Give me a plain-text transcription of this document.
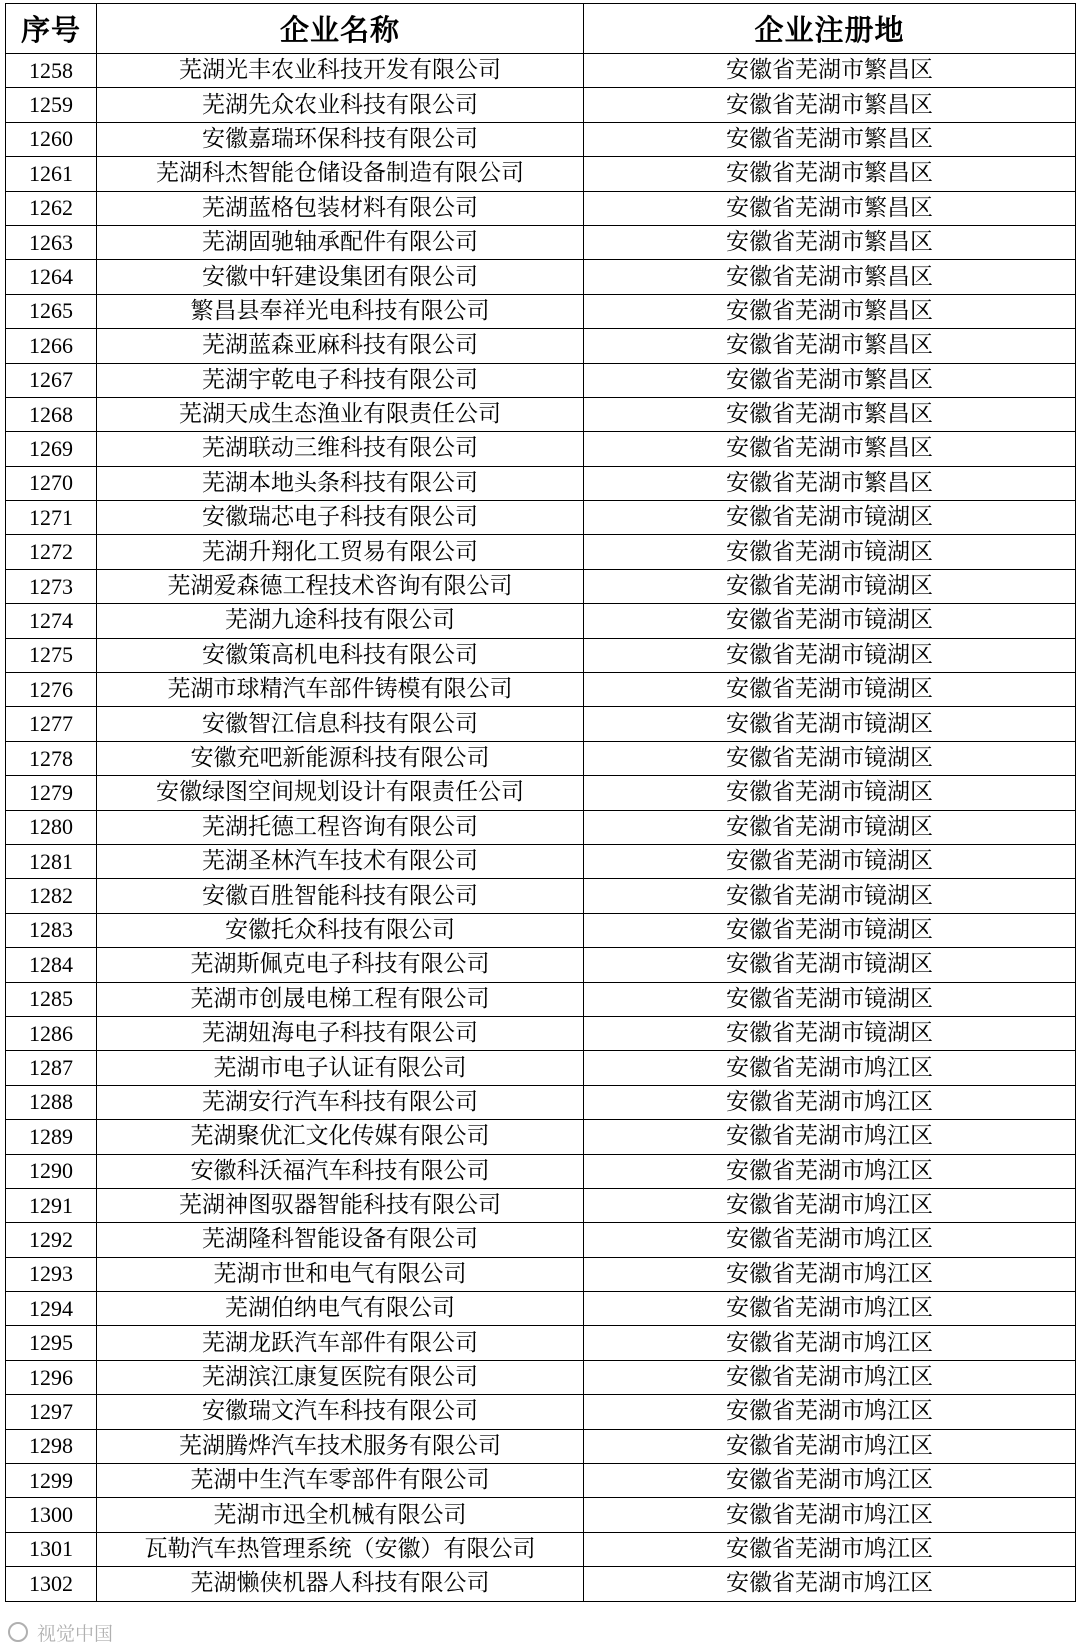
序号	企业名称	企业注册地
1258	芜湖光丰农业科技开发有限公司	安徽省芜湖市繁昌区
1259	芜湖先众农业科技有限公司	安徽省芜湖市繁昌区
1260	安徽嘉瑞环保科技有限公司	安徽省芜湖市繁昌区
1261	芜湖科杰智能仓储设备制造有限公司	安徽省芜湖市繁昌区
1262	芜湖蓝格包装材料有限公司	安徽省芜湖市繁昌区
1263	芜湖固驰轴承配件有限公司	安徽省芜湖市繁昌区
1264	安徽中轩建设集团有限公司	安徽省芜湖市繁昌区
1265	繁昌县奉祥光电科技有限公司	安徽省芜湖市繁昌区
1266	芜湖蓝森亚麻科技有限公司	安徽省芜湖市繁昌区
1267	芜湖宇乾电子科技有限公司	安徽省芜湖市繁昌区
1268	芜湖天成生态渔业有限责任公司	安徽省芜湖市繁昌区
1269	芜湖联动三维科技有限公司	安徽省芜湖市繁昌区
1270	芜湖本地头条科技有限公司	安徽省芜湖市繁昌区
1271	安徽瑞芯电子科技有限公司	安徽省芜湖市镜湖区
1272	芜湖升翔化工贸易有限公司	安徽省芜湖市镜湖区
1273	芜湖爱森德工程技术咨询有限公司	安徽省芜湖市镜湖区
1274	芜湖九途科技有限公司	安徽省芜湖市镜湖区
1275	安徽策高机电科技有限公司	安徽省芜湖市镜湖区
1276	芜湖市球精汽车部件铸模有限公司	安徽省芜湖市镜湖区
1277	安徽智江信息科技有限公司	安徽省芜湖市镜湖区
1278	安徽充吧新能源科技有限公司	安徽省芜湖市镜湖区
1279	安徽绿图空间规划设计有限责任公司	安徽省芜湖市镜湖区
1280	芜湖托德工程咨询有限公司	安徽省芜湖市镜湖区
1281	芜湖圣林汽车技术有限公司	安徽省芜湖市镜湖区
1282	安徽百胜智能科技有限公司	安徽省芜湖市镜湖区
1283	安徽托众科技有限公司	安徽省芜湖市镜湖区
1284	芜湖斯佩克电子科技有限公司	安徽省芜湖市镜湖区
1285	芜湖市创晟电梯工程有限公司	安徽省芜湖市镜湖区
1286	芜湖妞海电子科技有限公司	安徽省芜湖市镜湖区
1287	芜湖市电子认证有限公司	安徽省芜湖市鸠江区
1288	芜湖安行汽车科技有限公司	安徽省芜湖市鸠江区
1289	芜湖聚优汇文化传媒有限公司	安徽省芜湖市鸠江区
1290	安徽科沃福汽车科技有限公司	安徽省芜湖市鸠江区
1291	芜湖神图驭器智能科技有限公司	安徽省芜湖市鸠江区
1292	芜湖隆科智能设备有限公司	安徽省芜湖市鸠江区
1293	芜湖市世和电气有限公司	安徽省芜湖市鸠江区
1294	芜湖伯纳电气有限公司	安徽省芜湖市鸠江区
1295	芜湖龙跃汽车部件有限公司	安徽省芜湖市鸠江区
1296	芜湖滨江康复医院有限公司	安徽省芜湖市鸠江区
1297	安徽瑞文汽车科技有限公司	安徽省芜湖市鸠江区
1298	芜湖腾烨汽车技术服务有限公司	安徽省芜湖市鸠江区
1299	芜湖中生汽车零部件有限公司	安徽省芜湖市鸠江区
1300	芜湖市迅全机械有限公司	安徽省芜湖市鸠江区
1301	瓦勒汽车热管理系统（安徽）有限公司	安徽省芜湖市鸠江区
1302	芜湖懒侠机器人科技有限公司	安徽省芜湖市鸠江区
视觉中国
